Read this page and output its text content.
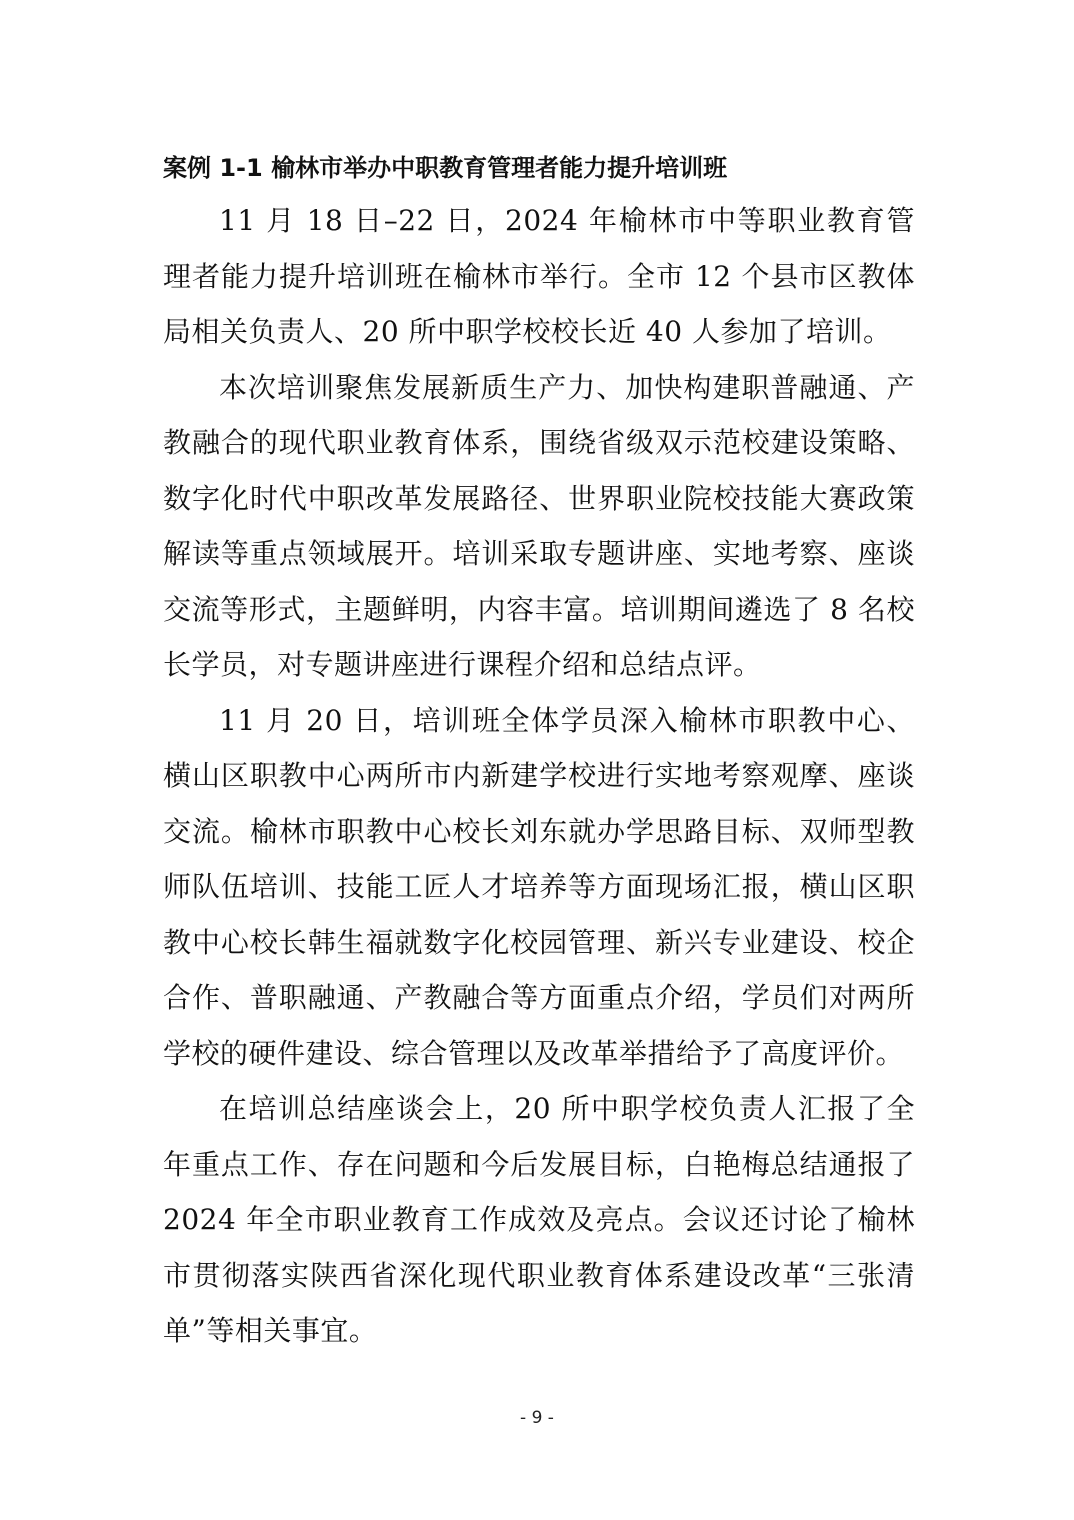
案例 1-1 榆林市举办中职教育管理者能力提升培训班

11 月 18 日–22 日，2024 年榆林市中等职业教育管理者能力提升培训班在榆林市举行。全市 12 个县市区教体局相关负责人、20 所中职学校校长近 40 人参加了培训。

本次培训聚焦发展新质生产力、加快构建职普融通、产教融合的现代职业教育体系，围绕省级双示范校建设策略、数字化时代中职改革发展路径、世界职业院校技能大赛政策解读等重点领域展开。培训采取专题讲座、实地考察、座谈交流等形式，主题鲜明，内容丰富。培训期间遴选了 8 名校长学员，对专题讲座进行课程介绍和总结点评。

11 月 20 日，培训班全体学员深入榆林市职教中心、横山区职教中心两所市内新建学校进行实地考察观摩、座谈交流。榆林市职教中心校长刘东就办学思路目标、双师型教师队伍培训、技能工匠人才培养等方面现场汇报，横山区职教中心校长韩生福就数字化校园管理、新兴专业建设、校企合作、普职融通、产教融合等方面重点介绍，学员们对两所学校的硬件建设、综合管理以及改革举措给予了高度评价。

在培训总结座谈会上，20 所中职学校负责人汇报了全年重点工作、存在问题和今后发展目标，白艳梅总结通报了 2024 年全市职业教育工作成效及亮点。会议还讨论了榆林市贯彻落实陕西省深化现代职业教育体系建设改革“三张清单”等相关事宜。

- 9 -
